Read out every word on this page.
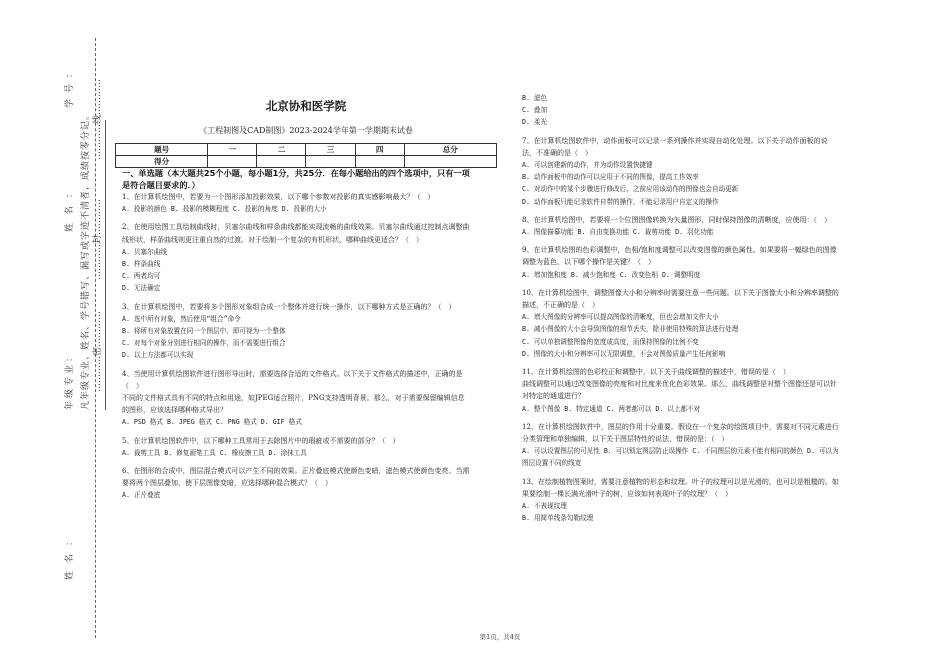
姓名：
姓名：
年级专业：
学号：
凡年级专业、姓名、学号错写、漏写或字迹不清者，成绩按零分记。 …………密…………
…………封…………
…………线…………	北京协和医学院
《工程制图及CAD制图》2023-2024学年第一学期期末试卷
题号	一	二	三	四	总分
得分					

一、单选题（本大题共25个小题，每小题1分，共25分．在每小题给出的四个选项中，只有一项是符合题目要求的．）

1、在计算机绘图中，若要为一个图形添加投影效果，以下哪个参数对投影的真实感影响最大？（　）

A. 投影的颜色 B. 投影的模糊程度 C. 投影的角度 D. 投影的大小

2、在使用绘图工具绘制曲线时，贝塞尔曲线和样条曲线都能实现流畅的曲线效果。贝塞尔曲线通过控制点调整曲线形状，样条曲线则更注重自然的过渡。对于绘制一个复杂的有机形状，哪种曲线更适合？（　）

A. 贝塞尔曲线

B. 样条曲线

C. 两者均可

D. 无法确定

3、在计算机绘图中，若要将多个图形对象组合成一个整体并进行统一操作，以下哪种方式是正确的？（　）

A. 选中所有对象，然后使用“组合”命令

B. 将所有对象放置在同一个图层中，即可视为一个整体

C. 对每个对象分别进行相同的操作，而不需要进行组合

D. 以上方法都可以实现

4、当使用计算机绘图软件进行图形导出时，需要选择合适的文件格式。以下关于文件格式的描述中，正确的是（　）

不同的文件格式具有不同的特点和用途，如JPEG适合照片，PNG支持透明背景。那么，对于需要保留编辑信息的图形，应该选择哪种格式导出？

A. PSD 格式 B. JPEG 格式 C. PNG 格式 D. GIF 格式

5、在计算机绘图软件中，以下哪种工具常用于去除图片中的瑕疵或不需要的部分？（　）

A. 裁剪工具 B. 修复画笔工具 C. 橡皮擦工具 D. 涂抹工具

6、在图形的合成中，图层混合模式可以产生不同的效果。正片叠底模式使颜色变暗，滤色模式使颜色变亮。当需要将两个图层叠加，使下层图像变暗，应选择哪种混合模式？（　）

A. 正片叠底

B. 滤色

C. 叠加

D. 柔光

7、在计算机绘图软件中，动作面板可以记录一系列操作并实现自动化处理。以下关于动作面板的说法，不准确的是（　）

A. 可以创建新的动作，并为动作设置快捷键

B. 动作面板中的动作可以应用于不同的图像，提高工作效率

C. 对动作中的某个步骤进行修改后，之前应用该动作的图像也会自动更新

D. 动作面板只能记录软件自带的操作，不能记录用户自定义的操作

8、在计算机绘图中，若要将一个位图图像转换为矢量图形，同时保持图像的清晰度，应使用：（　）

A. 图像描摹功能 B. 自由变换功能 C. 裁剪功能 D. 羽化功能

9、在计算机绘图的色彩调整中，色相/饱和度调整可以改变图像的颜色属性。如果要将一幅绿色的图像调整为蓝色，以下哪个操作是关键？（　）

A. 增加饱和度 B. 减少饱和度 C. 改变色相 D. 调整明度

10、在计算机绘图中，调整图像大小和分辨率时需要注意一些问题。以下关于图像大小和分辨率调整的描述，不正确的是（　）

A. 增大图像的分辨率可以提高图像的清晰度，但也会增加文件大小

B. 减小图像的大小会导致图像的细节丢失，除非使用特殊的算法进行处理

C. 可以单独调整图像的宽度或高度，而保持图像的比例不变

D. 图像的大小和分辨率可以无限调整，不会对图像质量产生任何影响

11、在计算机绘图的色彩校正和调整中，以下关于曲线调整的描述中，错误的是（　）

曲线调整可以通过改变图像的亮度和对比度来优化色彩效果。那么，曲线调整是对整个图像还是可以针对特定的通道进行？

A. 整个图像 B. 特定通道 C. 两者都可以 D. 以上都不对

12、在计算机绘图软件中，图层的作用十分重要。假设在一个复杂的绘图项目中，需要对不同元素进行分类管理和单独编辑，以下关于图层特性的说法，错误的是：（　）

A. 可以设置图层的可见性 B. 可以锁定图层防止误操作 C. 不同图层的元素不能有相同的颜色 D. 可以为图层设置不同的线宽

13、在绘制植物图案时，需要注意植物的形态和纹理。叶子的纹理可以是光滑的，也可以是粗糙的。如果要绘制一棵长满光滑叶子的树，应该如何表现叶子的纹理？（　）

A. 不表现纹理

B. 用简单线条勾勒纹理

第1页，共4页
